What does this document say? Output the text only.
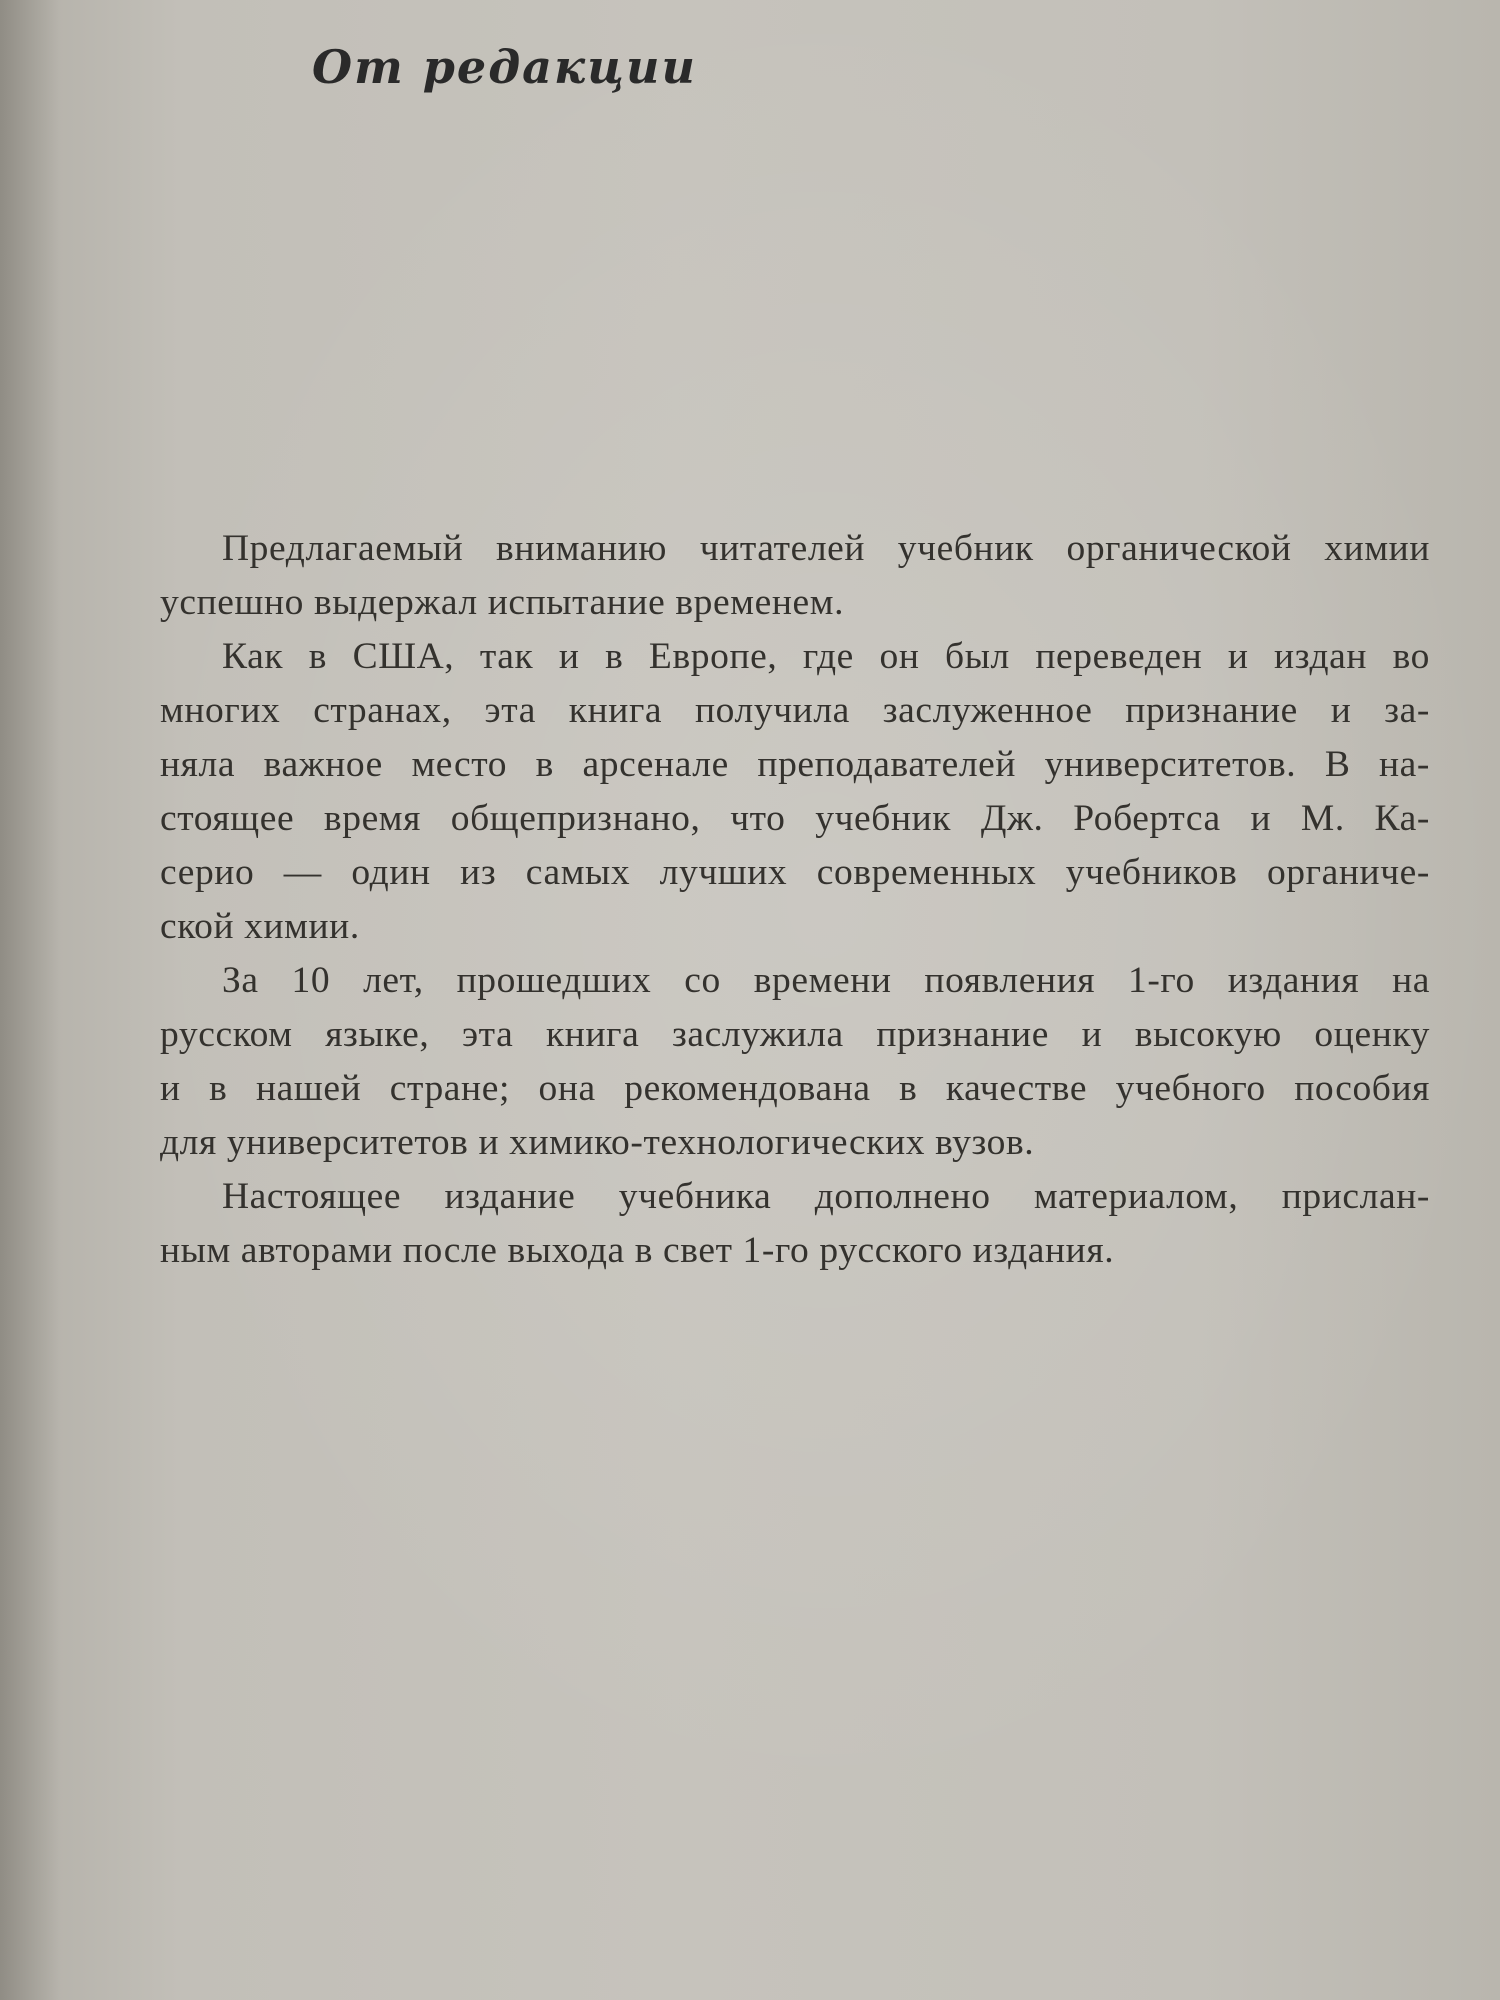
От редакции

Предлагаемый вниманию читателей учебник органической химии
успешно выдержал испытание временем.

Как в США, так и в Европе, где он был переведен и издан во
многих странах, эта книга получила заслуженное признание и за-
няла важное место в арсенале преподавателей университетов. В на-
стоящее время общепризнано, что учебник Дж. Робертса и М. Ка-
серио — один из самых лучших современных учебников органиче-
ской химии.

За 10 лет, прошедших со времени появления 1-го издания на
русском языке, эта книга заслужила признание и высокую оценку
и в нашей стране; она рекомендована в качестве учебного пособия
для университетов и химико-технологических вузов.

Настоящее издание учебника дополнено материалом, прислан-
ным авторами после выхода в свет 1-го русского издания.
